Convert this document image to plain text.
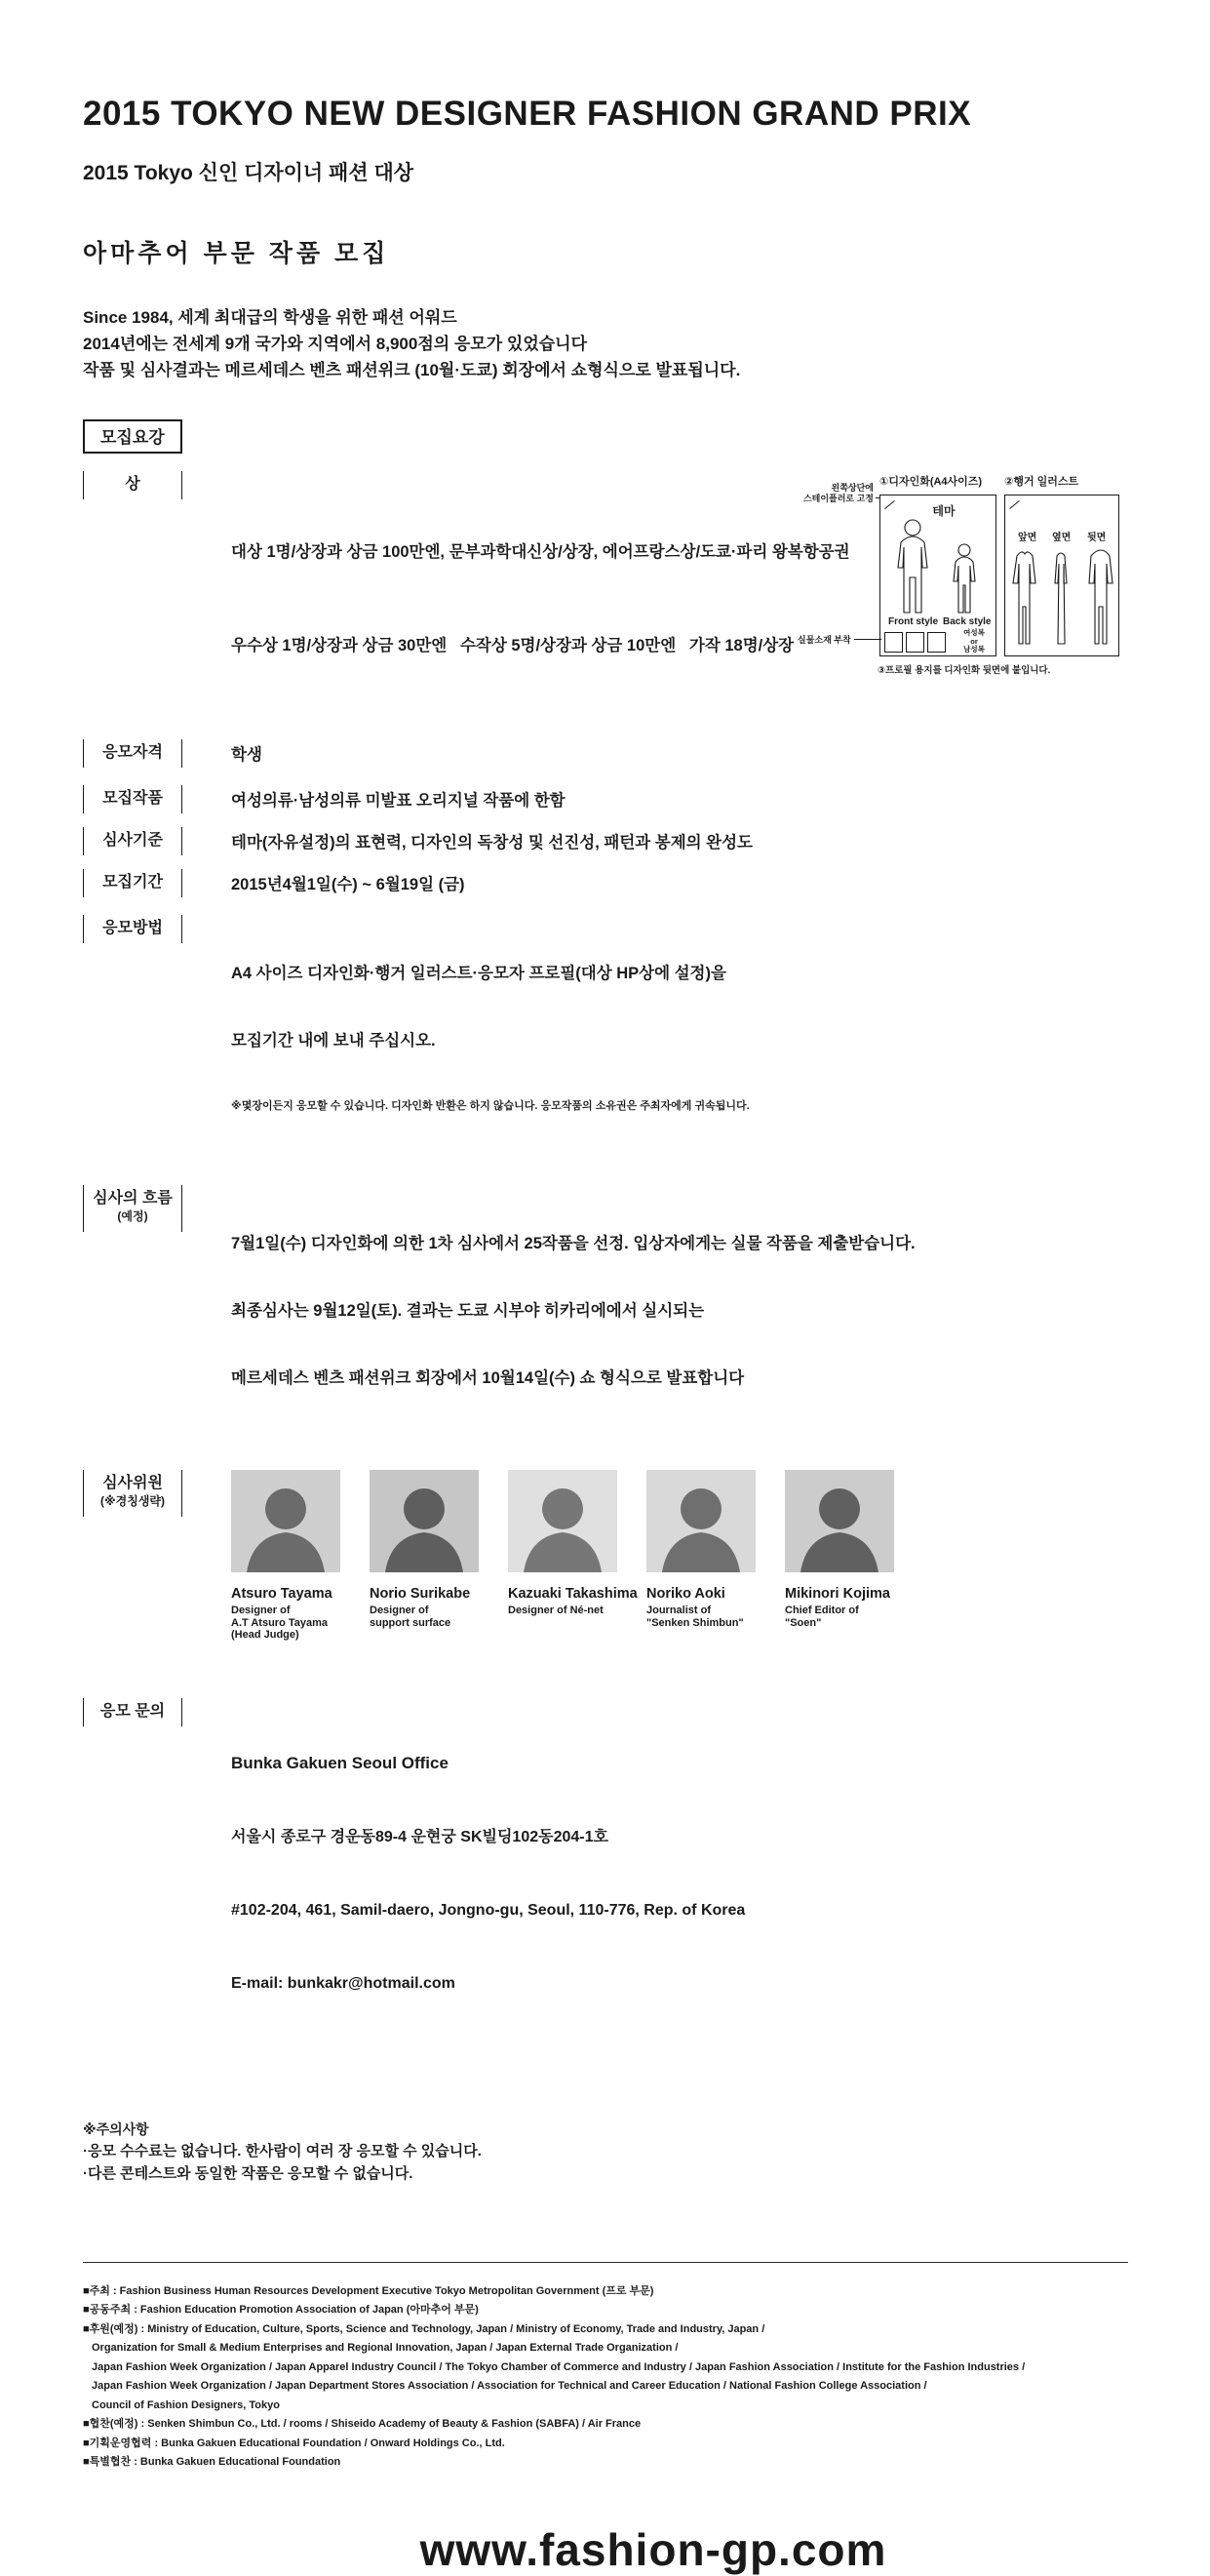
2015 TOKYO NEW DESIGNER FASHION GRAND PRIX
2015 Tokyo 신인 디자이너 패션 대상
아마추어 부문 작품 모집
Since 1984, 세계 최대급의 학생을 위한 패션 어워드
2014년에는 전세계 9개 국가와 지역에서 8,900점의 응모가 있었습니다
작품 및 심사결과는 메르세데스 벤츠 패션위크 (10월·도쿄) 회장에서 쇼형식으로 발표됩니다.
모집요강
상

대상 1명/상장과 상금 100만엔, 문부과학대신상/상장, 에어프랑스상/도쿄·파리 왕복항공권

우수상 1명/상장과 상금 30만엔   수작상 5명/상장과 상금 10만엔   가작 18명/상장

응모자격	학생
모집작품	여성의류·남성의류 미발표 오리지널 작품에 한함
심사기준	테마(자유설정)의 표현력, 디자인의 독창성 및 선진성, 패턴과 봉제의 완성도
모집기간	2015년4월1일(수) ~ 6월19일 (금)
응모방법

A4 사이즈 디자인화·행거 일러스트·응모자 프로필(대상 HP상에 설정)을

모집기간 내에 보내 주십시오.

※몇장이든지 응모할 수 있습니다. 디자인화 반환은 하지 않습니다. 응모작품의 소유권은 주최자에게 귀속됩니다.

심사의 흐름
(예정)

7월1일(수) 디자인화에 의한 1차 심사에서 25작품을 선정. 입상자에게는 실물 작품을 제출받습니다.

최종심사는 9월12일(토). 결과는 도쿄 시부야 히카리에에서 실시되는

메르세데스 벤츠 패션위크 회장에서 10월14일(수) 쇼 형식으로 발표합니다

심사위원
(※경칭생략)
Atsuro Tayama
Designer of
A.T Atsuro Tayama
(Head Judge)
Norio Surikabe
Designer of
support surface
Kazuaki Takashima
Designer of Né-net
Noriko Aoki
Journalist of
"Senken Shimbun"
Mikinori Kojima
Chief Editor of "Soen"
응모 문의

Bunka Gakuen Seoul Office

서울시 종로구 경운동89-4 운현궁 SK빌딩102동204-1호

#102-204, 461, Samil-daero, Jongno-gu, Seoul, 110-776, Rep. of Korea

E-mail: bunkakr@hotmail.com

※주의사항
·응모 수수료는 없습니다. 한사람이 여러 장 응모할 수 있습니다.
·다른 콘테스트와 동일한 작품은 응모할 수 없습니다.
■주최 : Fashion Business Human Resources Development Executive Tokyo Metropolitan Government (프로 부문)
■공동주최 : Fashion Education Promotion Association of Japan (아마추어 부문)
■후원(예정) : Ministry of Education, Culture, Sports, Science and Technology, Japan / Ministry of Economy, Trade and Industry, Japan /
Organization for Small & Medium Enterprises and Regional Innovation, Japan / Japan External Trade Organization /
Japan Fashion Week Organization / Japan Apparel Industry Council / The Tokyo Chamber of Commerce and Industry / Japan Fashion Association / Institute for the Fashion Industries /
Japan Fashion Week Organization / Japan Department Stores Association / Association for Technical and Career Education / National Fashion College Association /
Council of Fashion Designers, Tokyo
■협찬(예정) : Senken Shimbun Co., Ltd. / rooms / Shiseido Academy of Beauty & Fashion (SABFA) / Air France
■기획운영협력 : Bunka Gakuen Educational Foundation / Onward Holdings Co., Ltd.
■특별협찬 : Bunka Gakuen Educational Foundation
www.fashion-gp.com
왼쪽상단에
스테이플러로 고정
①디자인화(A4사이즈) ②행거 일러스트
테마
Front style Back style
여성복
or
남성복
실물소재 부착
앞면 옆면 뒷면
③프로필 용지를 디자인화 뒷면에 붙입니다.
